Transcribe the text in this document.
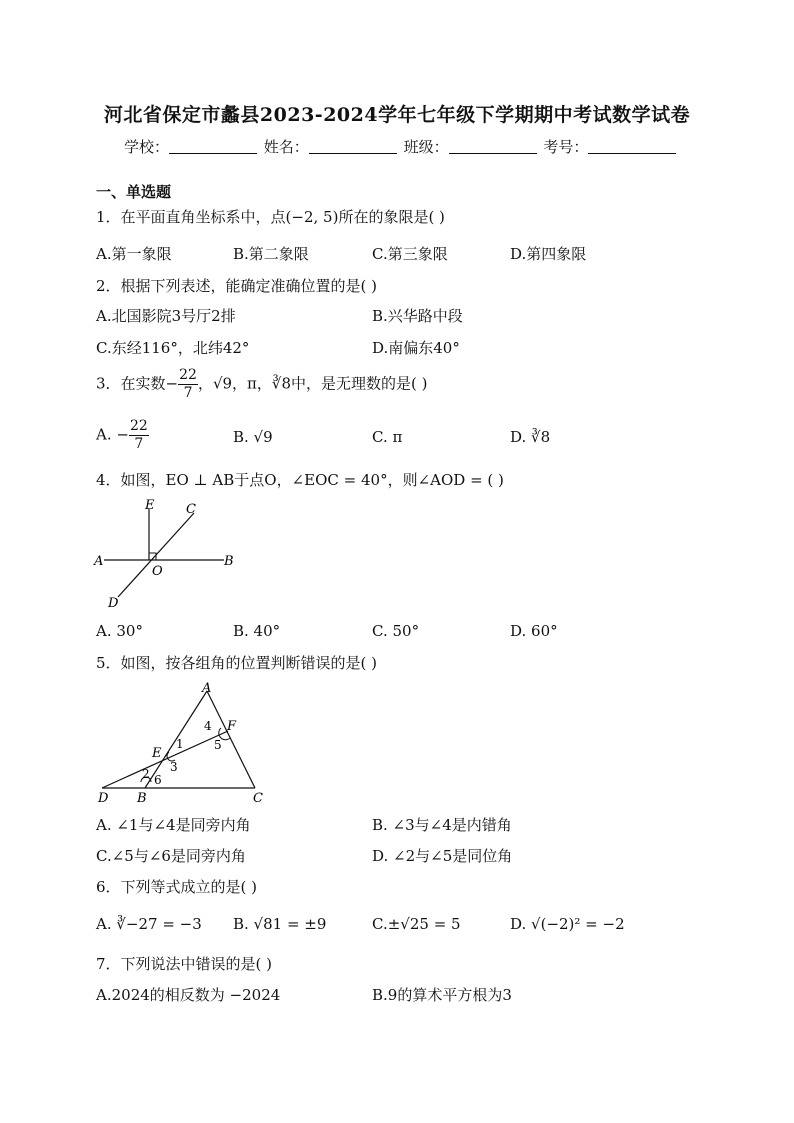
河北省保定市蠡县2023-2024学年七年级下学期期中考试数学试卷
学校：	姓名：	班级：	考号：
一、单选题
1．在平面直角坐标系中，点(−2, 5)所在的象限是( )
A.第一象限	B.第二象限	C.第三象限	D.第四象限
2．根据下列表述，能确定准确位置的是( )
A.北国影院3号厅2排	B.兴华路中段
C.东经116°，北纬42°	D.南偏东40°
3．在实数− $\frac{22}{7}$ ，√9，π，∛8中，是无理数的是( )
A. − $\frac{22}{7}$	B. √9	C. π	D. ∛8
4．如图，EO ⊥ AB于点O，∠EOC = 40°，则∠AOD = ( )
E C
A
O
B
D
A. 30°	B. 40°	C. 50°	D. 60°
5．如图，按各组角的位置判断错误的是( )
A
4 F
5
E
1
2 3
6
D B	C
A. ∠1与∠4是同旁内角	B. ∠3与∠4是内错角
C.∠5与∠6是同旁内角	D. ∠2与∠5是同位角
6．下列等式成立的是( )
A. ∛−27 = −3 B. √81 = ±9	C.±√25 = 5	D. √(−2)² = −2
7．下列说法中错误的是( )
A.2024的相反数为 −2024	B.9的算术平方根为3
